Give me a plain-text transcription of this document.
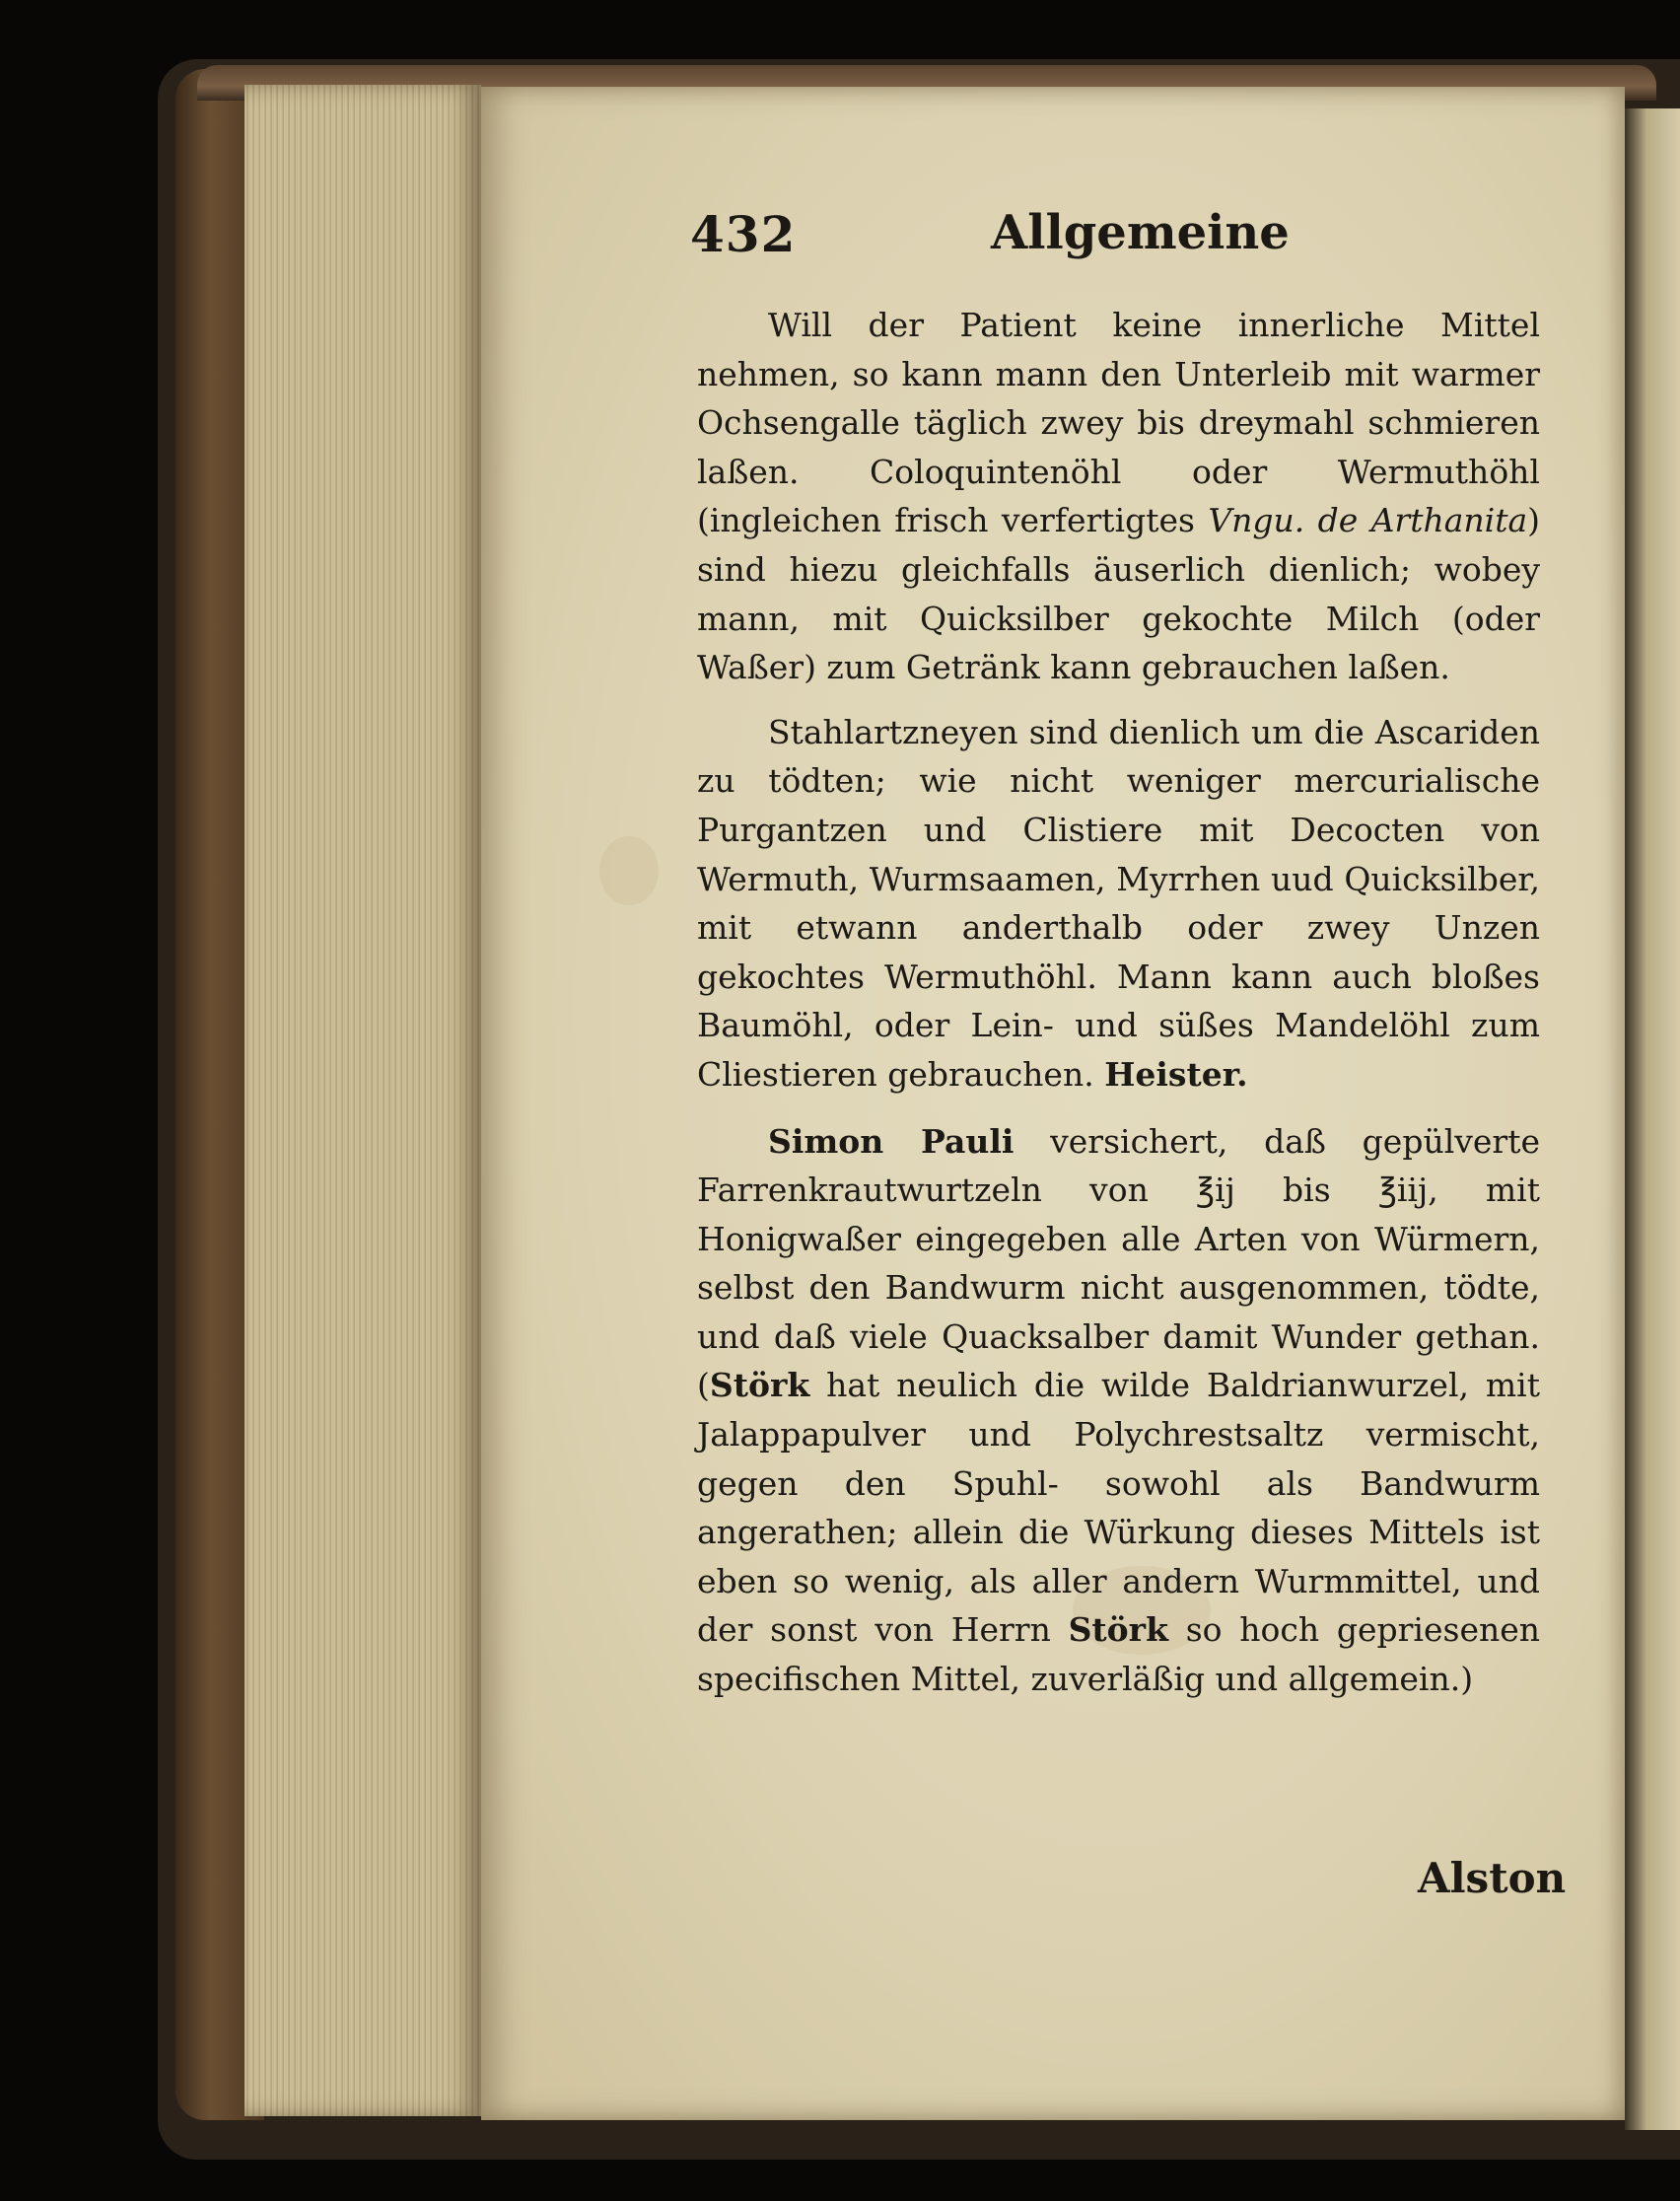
432	Allgemeine

Will der Patient keine innerliche Mittel nehmen, so kann mann den Unterleib mit warmer Ochsengalle täglich zwey bis dreymahl schmieren laßen. Coloquintenöhl oder Wermuthöhl (ingleichen frisch verfertigtes Vngu. de Arthanita) sind hiezu gleichfalls äuserlich dienlich; wobey mann, mit Quicksilber gekochte Milch (oder Waßer) zum Getränk kann gebrauchen laßen.

Stahlartzneyen sind dienlich um die Ascariden zu tödten; wie nicht weniger mercurialische Purgantzen und Clistiere mit Decocten von Wermuth, Wurmsaamen, Myrrhen uud Quicksilber, mit etwann anderthalb oder zwey Unzen gekochtes Wermuthöhl. Mann kann auch bloßes Baumöhl, oder Lein- und süßes Mandelöhl zum Cliestieren gebrauchen. Heister.

Simon Pauli versichert, daß gepülverte Farrenkrautwurtzeln von ℥ij bis ℥iij, mit Honigwaßer eingegeben alle Arten von Würmern, selbst den Bandwurm nicht ausgenommen, tödte, und daß viele Quacksalber damit Wunder gethan. (Störk hat neulich die wilde Baldrianwurzel, mit Jalappapulver und Polychrestsaltz vermischt, gegen den Spuhl- sowohl als Bandwurm angerathen; allein die Würkung dieses Mittels ist eben so wenig, als aller andern Wurmmittel, und der sonst von Herrn Störk so hoch gepriesenen specifischen Mittel, zuverläßig und allgemein.)

Alston
